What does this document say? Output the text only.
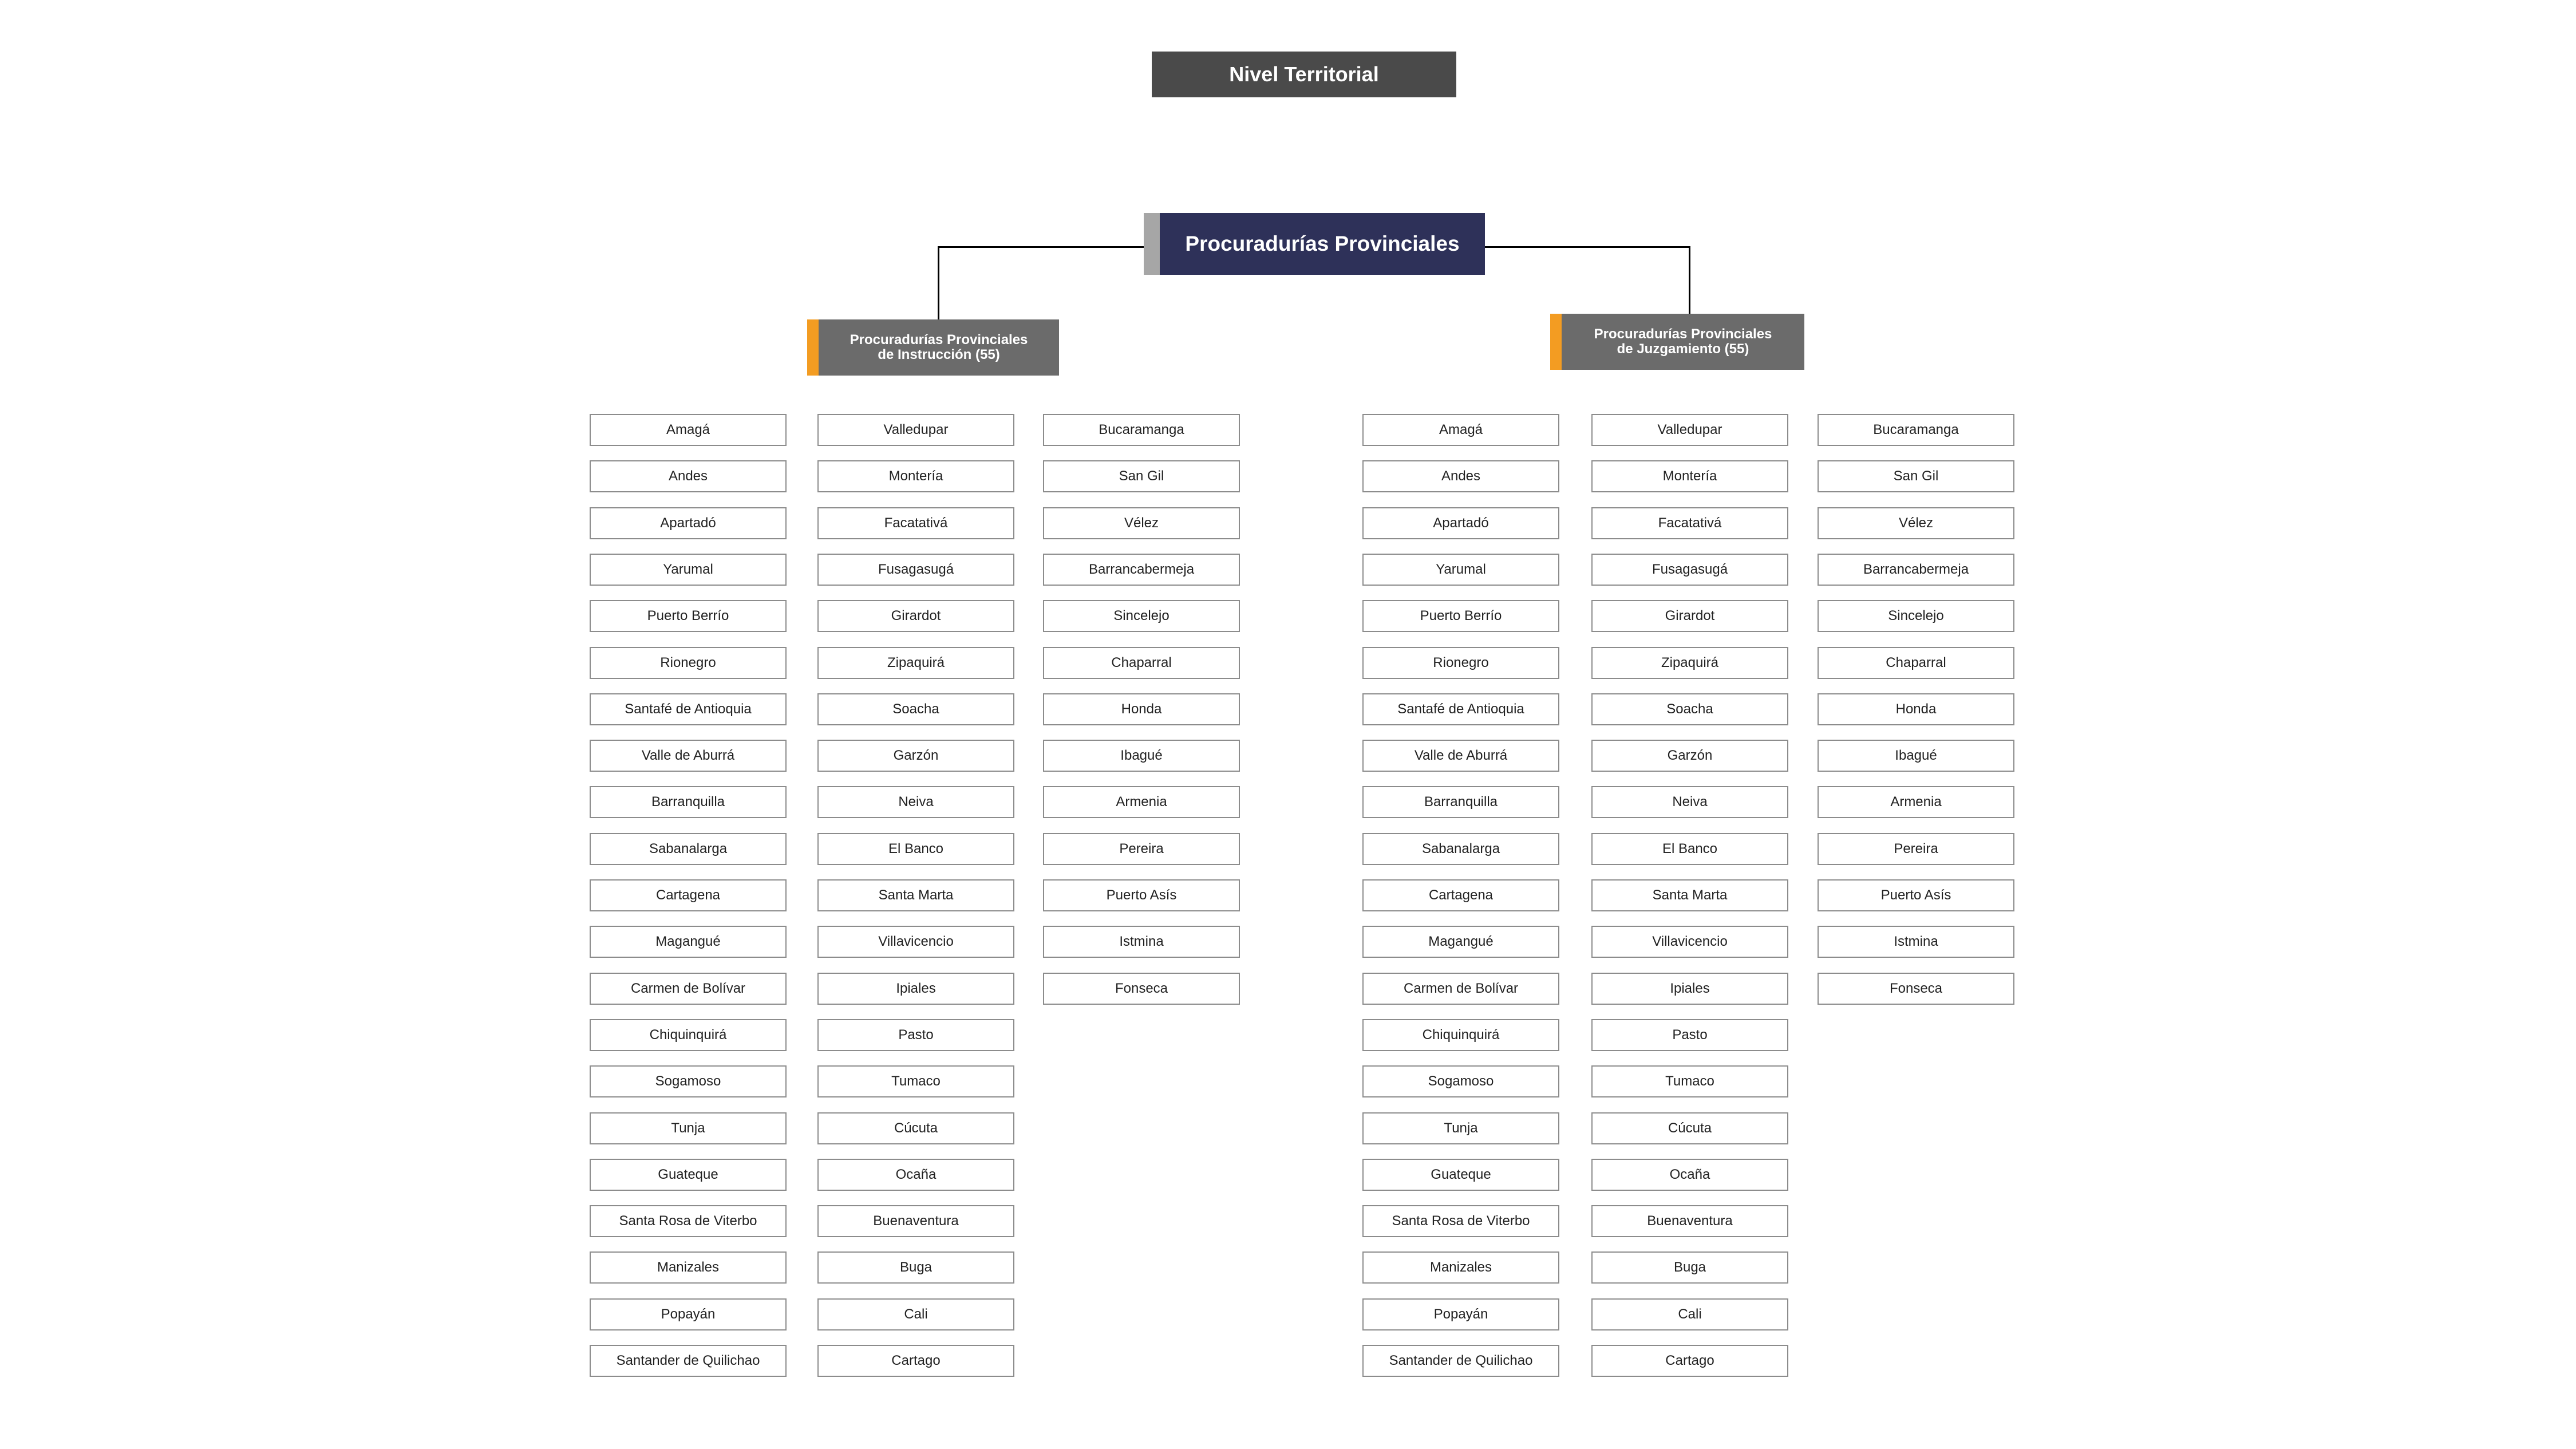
Nivel Territorial
Procuradurías Provinciales
Procuradurías Provinciales
de Instrucción (55)
Procuradurías Provinciales
de Juzgamiento (55)
Amagá
Andes
Apartadó
Yarumal
Puerto Berrío
Rionegro
Santafé de Antioquia
Valle de Aburrá
Barranquilla
Sabanalarga
Cartagena
Magangué
Carmen de Bolívar
Chiquinquirá
Sogamoso
Tunja
Guateque
Santa Rosa de Viterbo
Manizales
Popayán
Santander de Quilichao
Valledupar
Montería
Facatativá
Fusagasugá
Girardot
Zipaquirá
Soacha
Garzón
Neiva
El Banco
Santa Marta
Villavicencio
Ipiales
Pasto
Tumaco
Cúcuta
Ocaña
Buenaventura
Buga
Cali
Cartago
Bucaramanga
San Gil
Vélez
Barrancabermeja
Sincelejo
Chaparral
Honda
Ibagué
Armenia
Pereira
Puerto Asís
Istmina
Fonseca
Amagá
Andes
Apartadó
Yarumal
Puerto Berrío
Rionegro
Santafé de Antioquia
Valle de Aburrá
Barranquilla
Sabanalarga
Cartagena
Magangué
Carmen de Bolívar
Chiquinquirá
Sogamoso
Tunja
Guateque
Santa Rosa de Viterbo
Manizales
Popayán
Santander de Quilichao
Valledupar
Montería
Facatativá
Fusagasugá
Girardot
Zipaquirá
Soacha
Garzón
Neiva
El Banco
Santa Marta
Villavicencio
Ipiales
Pasto
Tumaco
Cúcuta
Ocaña
Buenaventura
Buga
Cali
Cartago
Bucaramanga
San Gil
Vélez
Barrancabermeja
Sincelejo
Chaparral
Honda
Ibagué
Armenia
Pereira
Puerto Asís
Istmina
Fonseca
